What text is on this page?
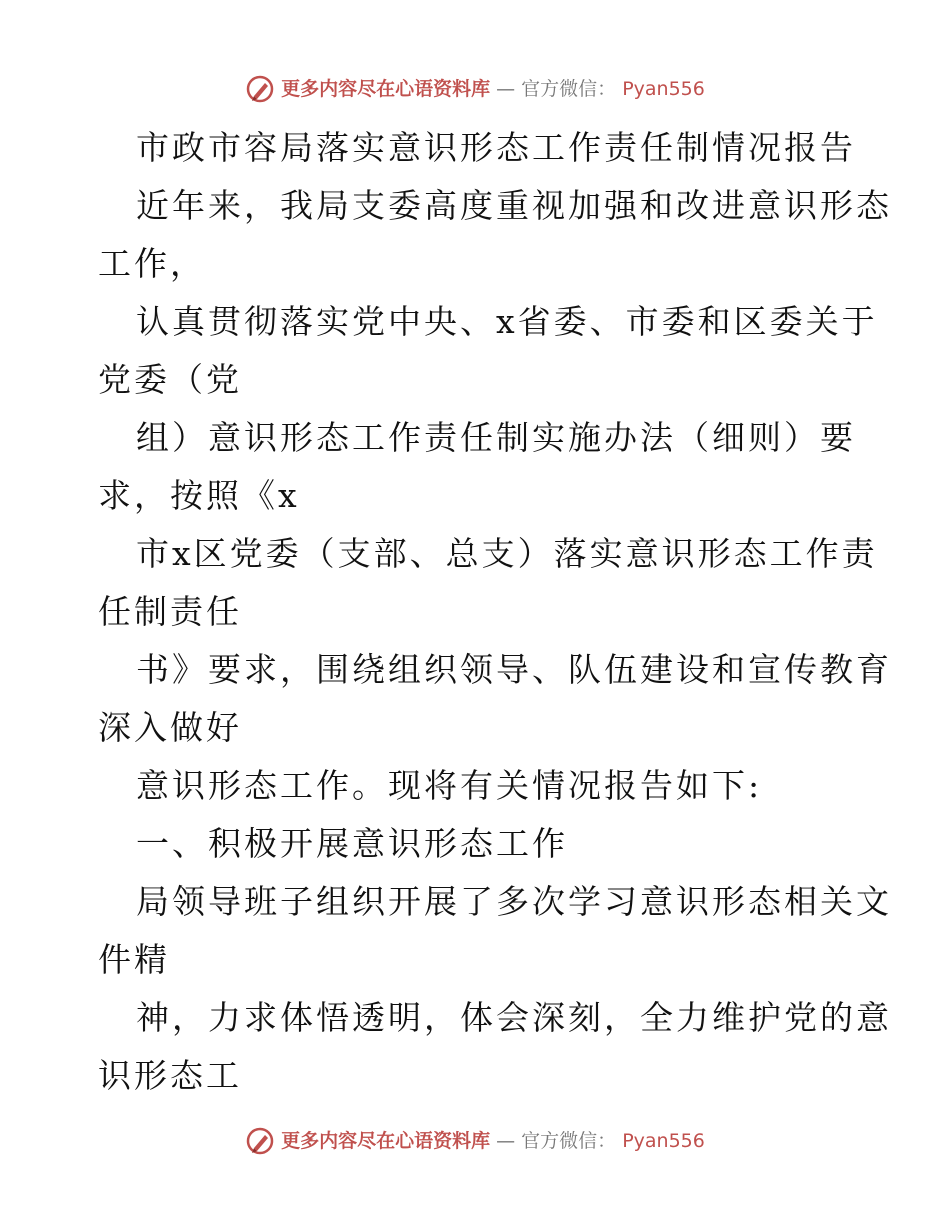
更多内容尽在心语资料库 — 官方微信： Pyan556
市政市容局落实意识形态工作责任制情况报告
近年来，我局支委高度重视加强和改进意识形态
工作，
认真贯彻落实党中央、x省委、市委和区委关于
党委（党
组）意识形态工作责任制实施办法（细则）要
求，按照《x
市x区党委（支部、总支）落实意识形态工作责
任制责任
书》要求，围绕组织领导、队伍建设和宣传教育
深入做好
意识形态工作。现将有关情况报告如下:
一、积极开展意识形态工作
局领导班子组织开展了多次学习意识形态相关文
件精
神，力求体悟透明，体会深刻，全力维护党的意
识形态工
更多内容尽在心语资料库 — 官方微信： Pyan556
